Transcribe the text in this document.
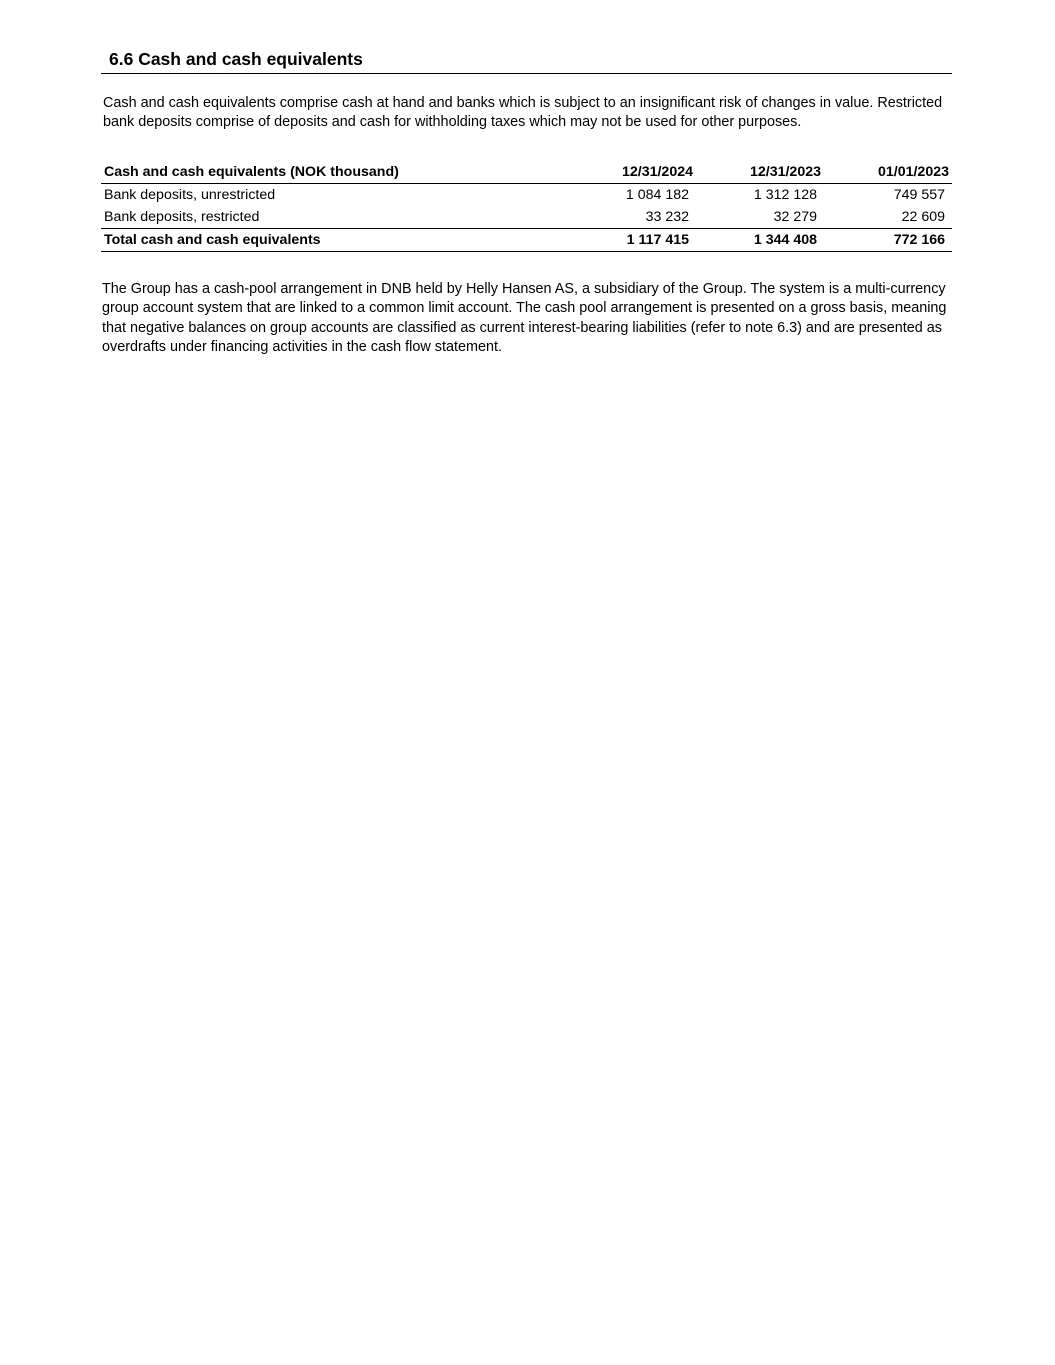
6.6 Cash and cash equivalents

Cash and cash equivalents comprise cash at hand and banks which is subject to an insignificant risk of changes in value. Restricted bank deposits comprise of deposits and cash for withholding taxes which may not be used for other purposes.

Cash and cash equivalents (NOK thousand)	12/31/2024	12/31/2023	01/01/2023
Bank deposits, unrestricted	1 084 182	1 312 128	749 557
Bank deposits, restricted	33 232	32 279	22 609
Total cash and cash equivalents	1 117 415	1 344 408	772 166

The Group has a cash-pool arrangement in DNB held by Helly Hansen AS, a subsidiary of the Group. The system is a multi-currency group account system that are linked to a common limit account. The cash pool arrangement is presented on a gross basis, meaning that negative balances on group accounts are classified as current interest-bearing liabilities (refer to note 6.3) and are presented as overdrafts under financing activities in the cash flow statement.
